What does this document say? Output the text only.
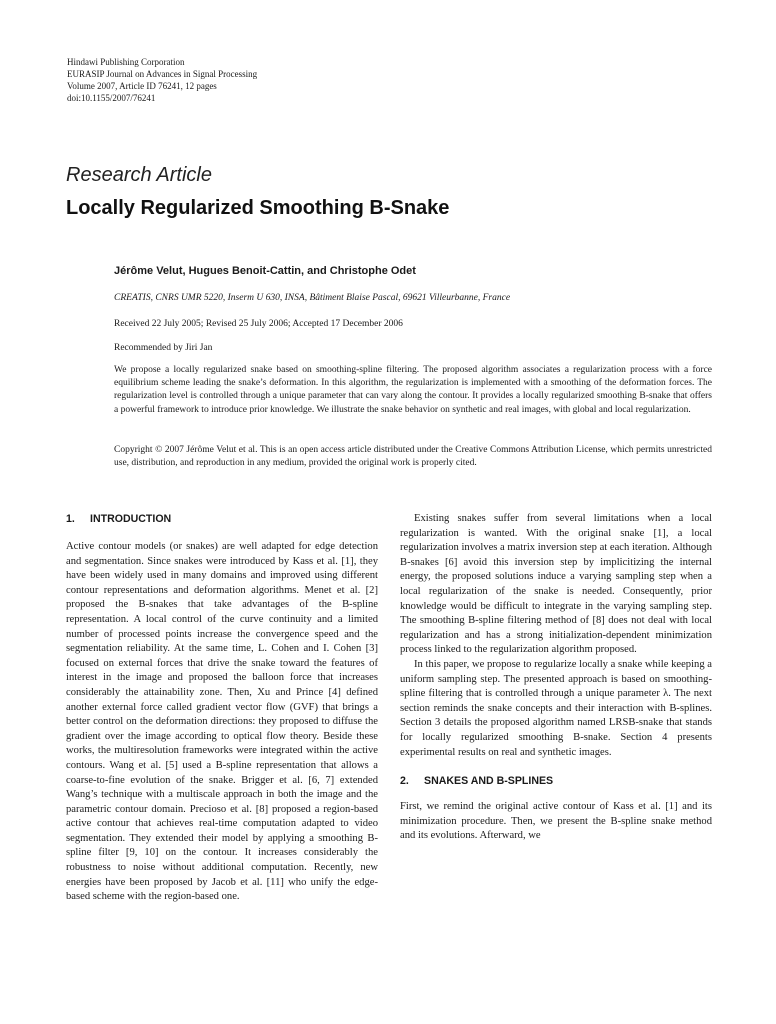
Hindawi Publishing Corporation
EURASIP Journal on Advances in Signal Processing
Volume 2007, Article ID 76241, 12 pages
doi:10.1155/2007/76241
Research Article
Locally Regularized Smoothing B-Snake
Jérôme Velut, Hugues Benoit-Cattin, and Christophe Odet
CREATIS, CNRS UMR 5220, Inserm U 630, INSA, Bâtiment Blaise Pascal, 69621 Villeurbanne, France
Received 22 July 2005; Revised 25 July 2006; Accepted 17 December 2006
Recommended by Jiri Jan

We propose a locally regularized snake based on smoothing-spline filtering. The proposed algorithm associates a regularization process with a force equilibrium scheme leading the snake’s deformation. In this algorithm, the regularization is implemented with a smoothing of the deformation forces. The regularization level is controlled through a unique parameter that can vary along the contour. It provides a locally regularized smoothing B-snake that offers a powerful framework to introduce prior knowledge. We illustrate the snake behavior on synthetic and real images, with global and local regularization.

Copyright © 2007 Jérôme Velut et al. This is an open access article distributed under the Creative Commons Attribution License, which permits unrestricted use, distribution, and reproduction in any medium, provided the original work is properly cited.

1. INTRODUCTION

Active contour models (or snakes) are well adapted for edge detection and segmentation. Since snakes were introduced by Kass et al. [1], they have been widely used in many domains and improved using different contour representations and deformation algorithms. Menet et al. [2] proposed the B-snakes that take advantages of the B-spline representation. A local control of the curve continuity and a limited number of processed points increase the convergence speed and the segmentation reliability. At the same time, L. Cohen and I. Cohen [3] focused on external forces that drive the snake toward the features of interest in the image and proposed the balloon force that increases considerably the attainability zone. Then, Xu and Prince [4] defined another external force called gradient vector flow (GVF) that brings a better control on the deformation directions: they proposed to diffuse the gradient over the image according to optical flow theory. Beside these works, the multiresolution frameworks were integrated within the active contours. Wang et al. [5] used a B-spline representation that allows a coarse-to-fine evolution of the snake. Brigger et al. [6, 7] extended Wang’s technique with a multiscale approach in both the image and the parametric contour domain. Precioso et al. [8] proposed a region-based active contour that achieves real-time computation adapted to video segmentation. They extended their model by applying a smoothing B-spline filter [9, 10] on the contour. It increases considerably the robustness to noise without additional computation. Recently, new energies have been proposed by Jacob et al. [11] who unify the edge-based scheme with the region-based one.

Existing snakes suffer from several limitations when a local regularization is wanted. With the original snake [1], a local regularization involves a matrix inversion step at each iteration. Although B-snakes [6] avoid this inversion step by implicitizing the internal energy, the proposed solutions induce a varying sampling step when a local regularization of the snake is needed. Consequently, prior knowledge would be difficult to integrate in the varying sampling step. The smoothing B-spline filtering method of [8] does not deal with local regularization and has a strong initialization-dependent minimization process linked to the regularization algorithm proposed.

In this paper, we propose to regularize locally a snake while keeping a uniform sampling step. The presented approach is based on smoothing-spline filtering that is controlled through a unique parameter λ. The next section reminds the snake concepts and their interaction with B-splines. Section 3 details the proposed algorithm named LRSB-snake that stands for locally regularized smoothing B-snake. Section 4 presents experimental results on real and synthetic images.

2. SNAKES AND B-SPLINES

First, we remind the original active contour of Kass et al. [1] and its minimization procedure. Then, we present the B-spline snake method and its evolutions. Afterward, we
